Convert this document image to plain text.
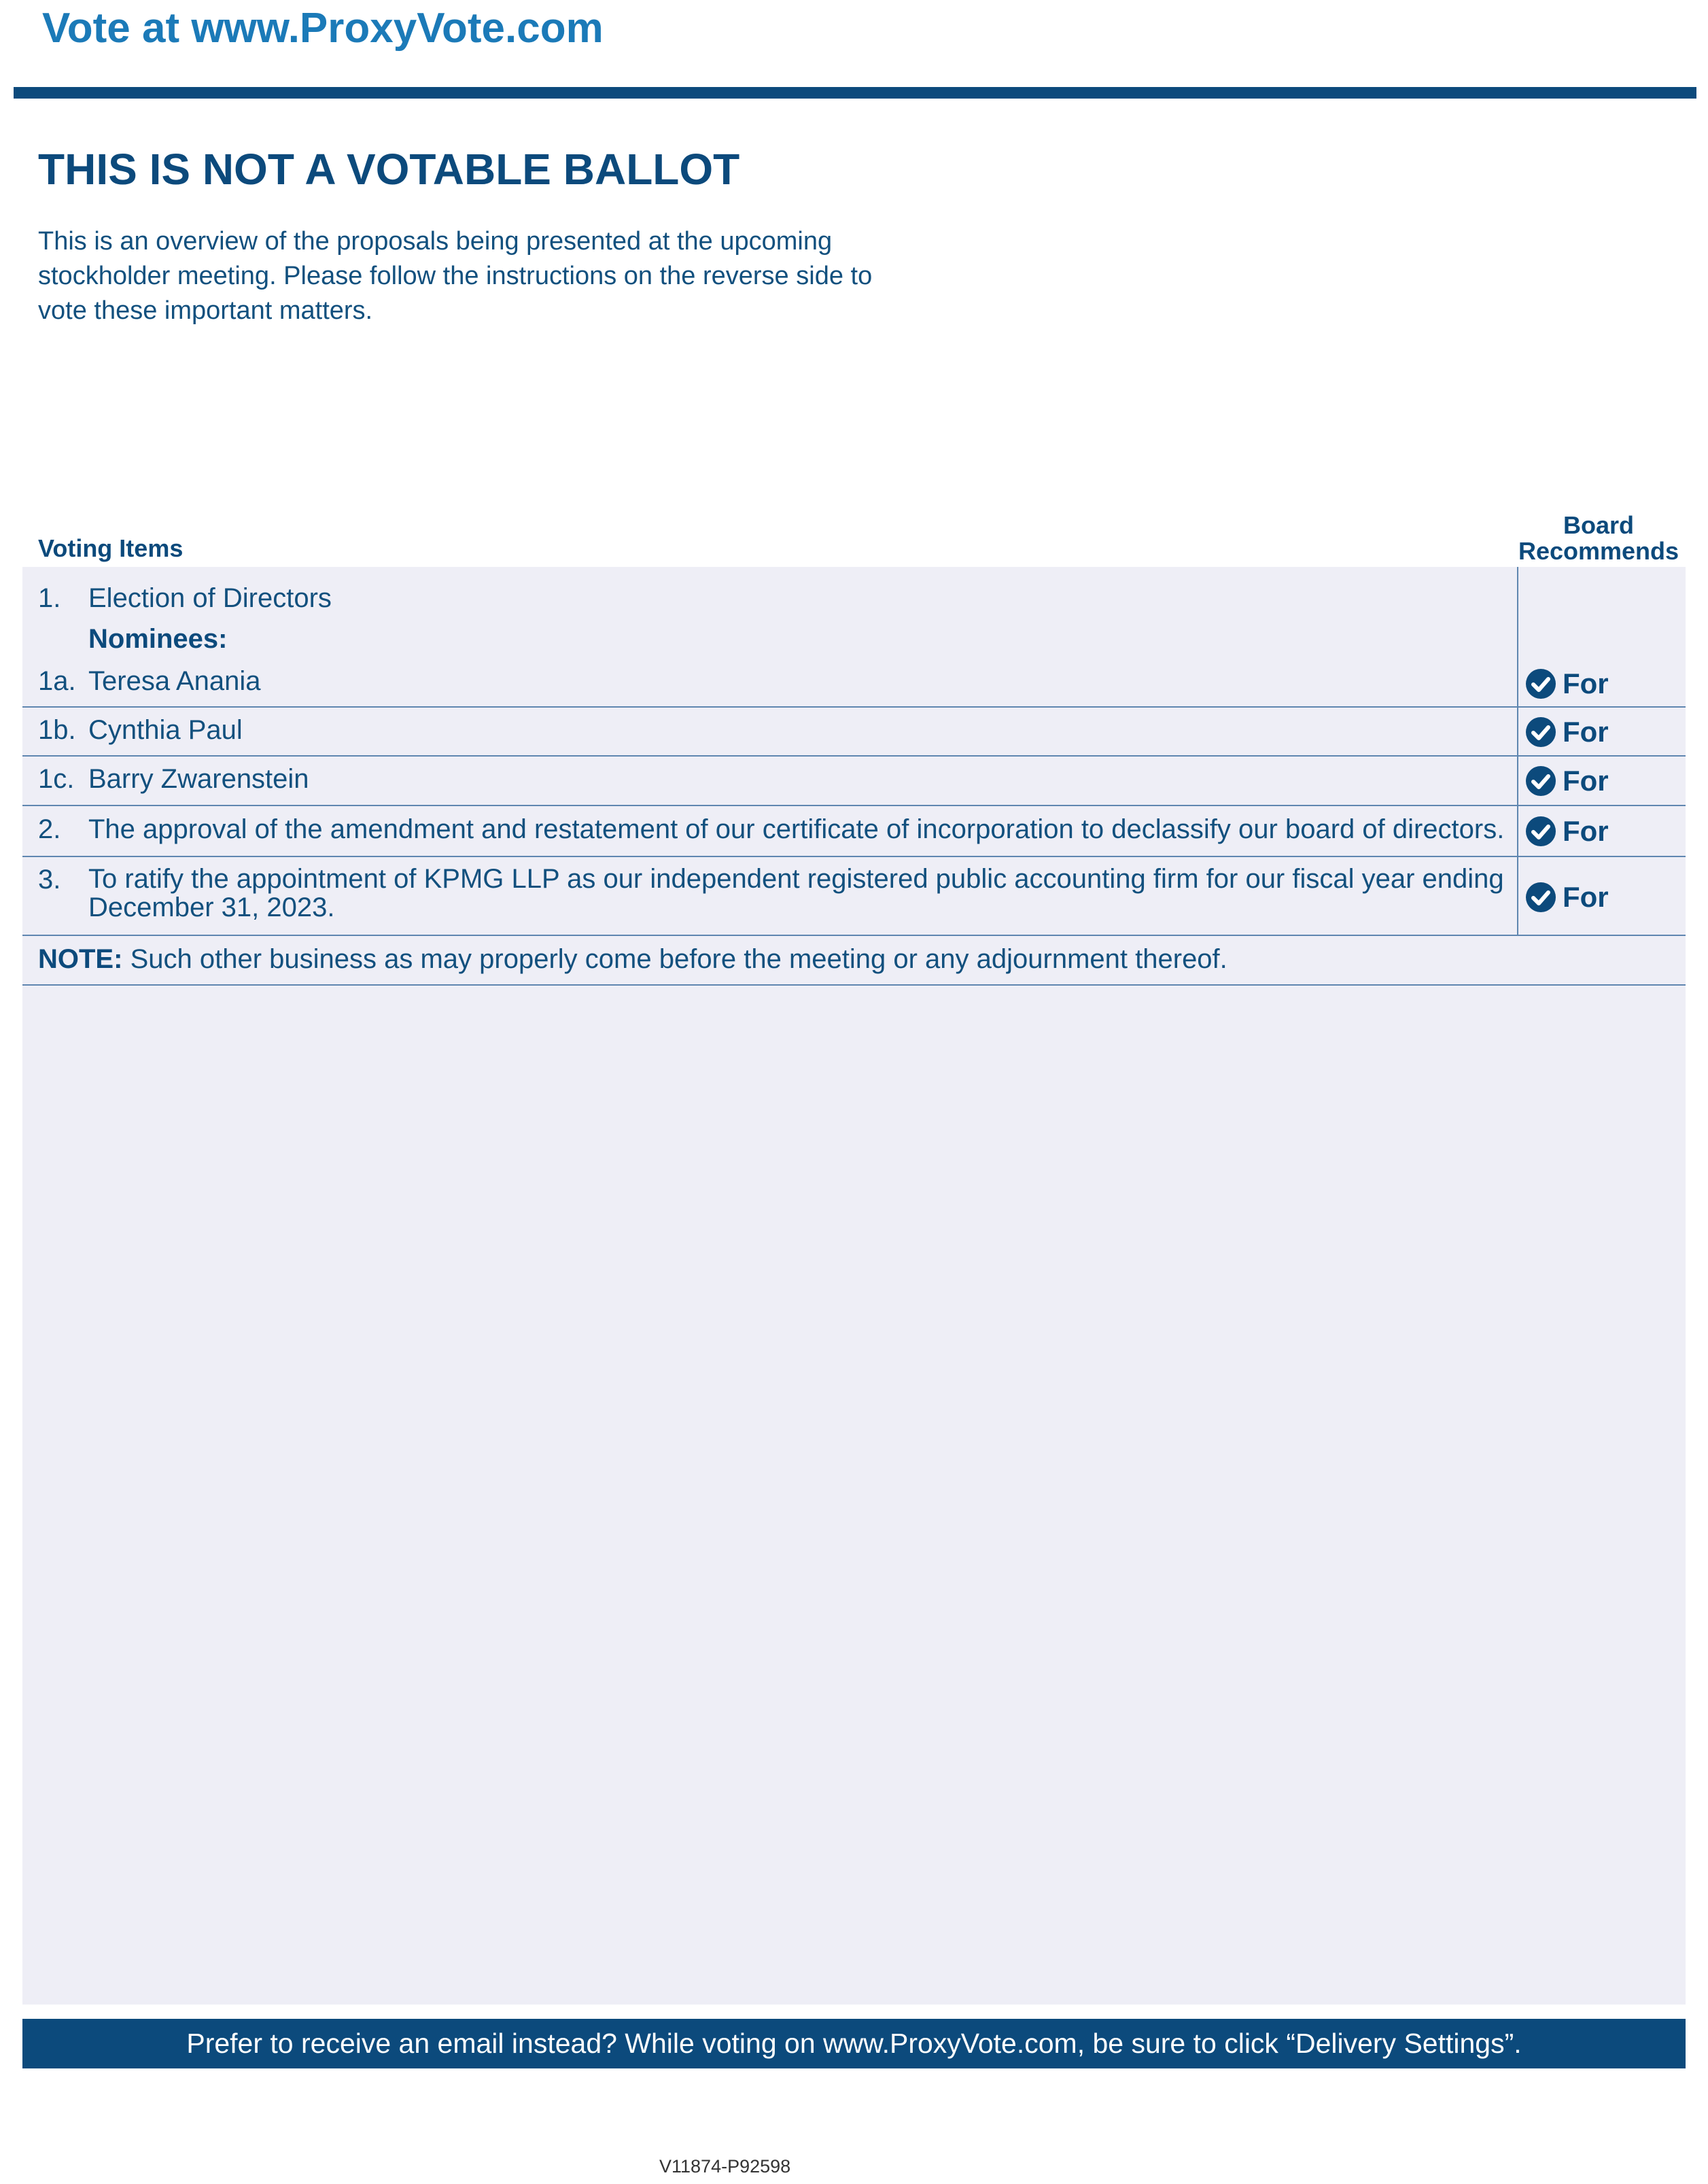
Vote at www.ProxyVote.com
THIS IS NOT A VOTABLE BALLOT

This is an overview of the proposals being presented at the upcoming stockholder meeting. Please follow the instructions on the reverse side to vote these important matters.

Voting Items
Board Recommends
1. Election of Directors
Nominees:
1a. Teresa Anania	For
1b. Cynthia Paul	For
1c. Barry Zwarenstein	For
2. The approval of the amendment and restatement of our certificate of incorporation to declassify our board of directors. For
3. To ratify the appointment of KPMG LLP as our independent registered public accounting firm for our fiscal year ending December 31, 2023.	For
NOTE: Such other business as may properly come before the meeting or any adjournment thereof.
Prefer to receive an email instead? While voting on www.ProxyVote.com, be sure to click “Delivery Settings”.
V11874-P92598
